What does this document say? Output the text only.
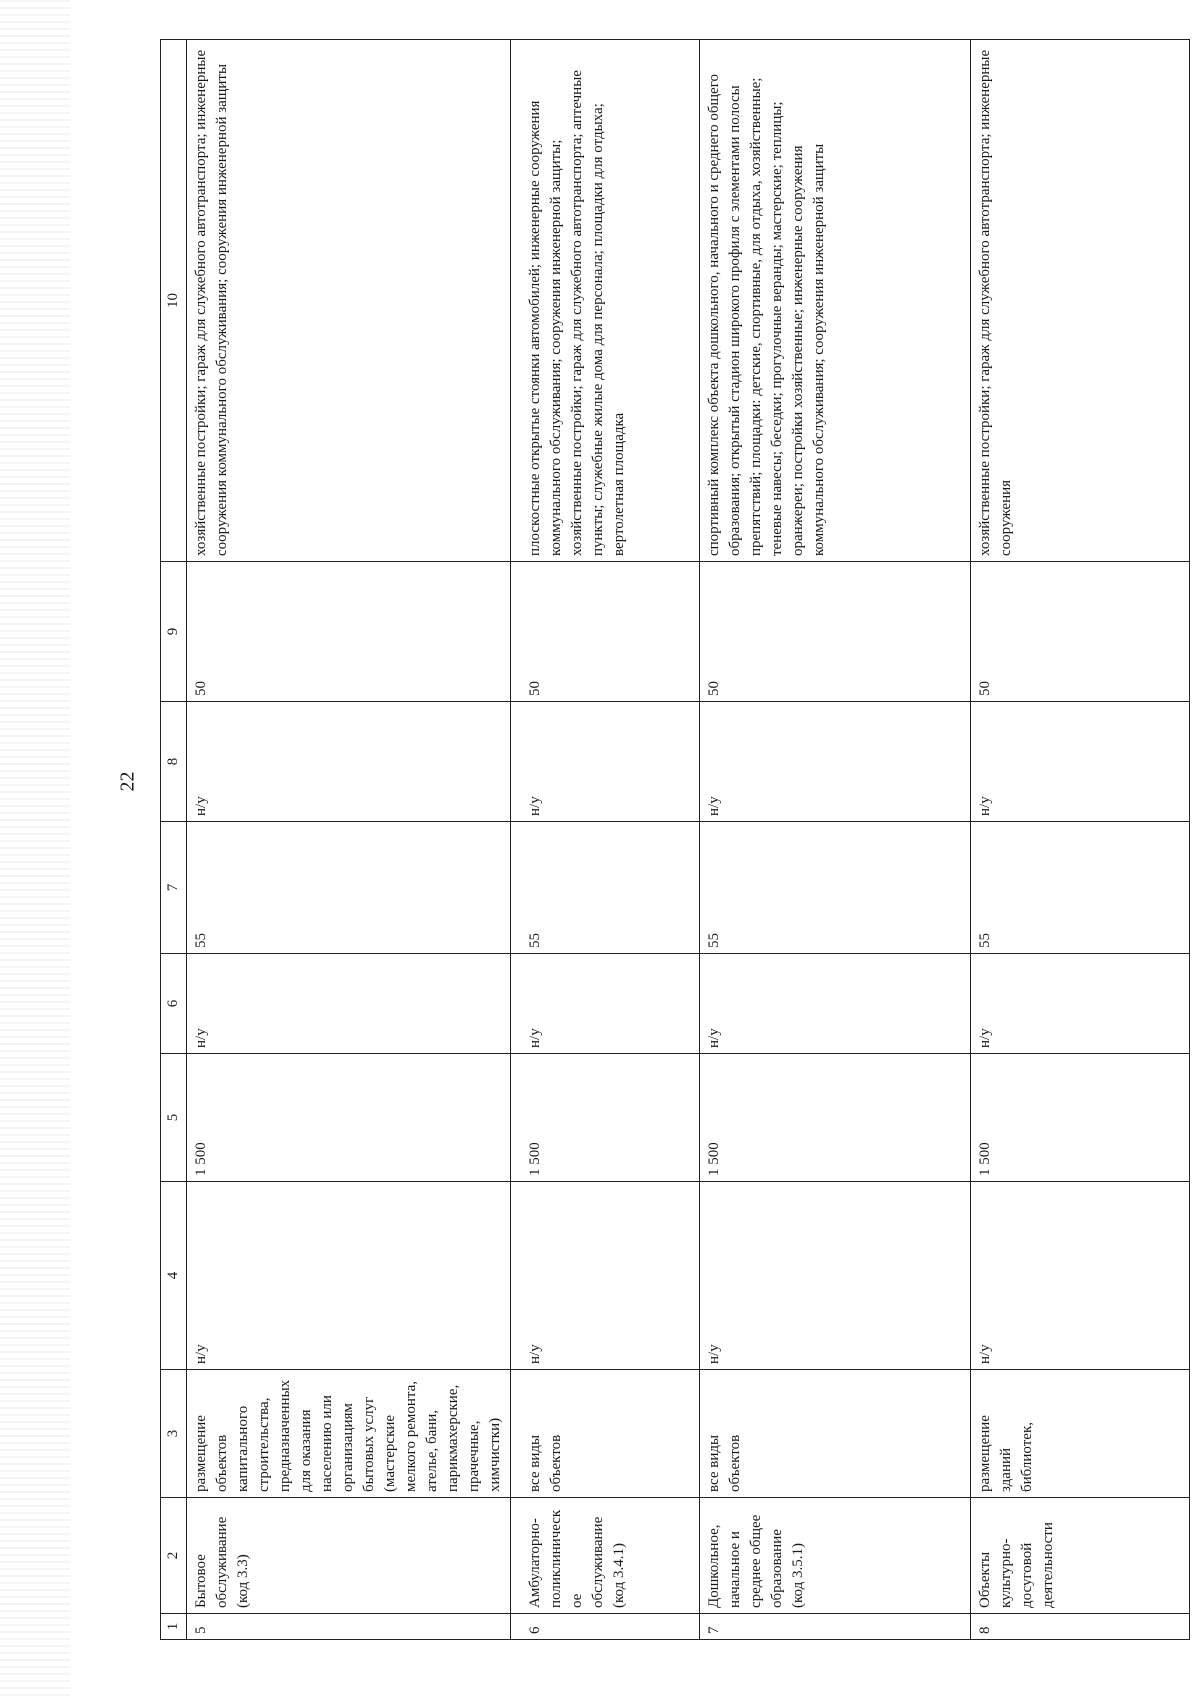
22
1	2	3	4	5	6	7	8	9	10
5	Бытовое обслуживание (код 3.3)	размещение объектов капитального строительства, предназначенных для оказания населению или организациям бытовых услуг (мастерские мелкого ремонта, ателье, бани, парикмахерские, прачечные, химчистки)	н/у	1 500	н/у	55	н/у	50	хозяйственные постройки; гараж для служебного автотранспорта; инженерные сооружения коммунального обслуживания; сооружения инженерной защиты
6	Амбулаторно-поликлиническое обслуживание (код 3.4.1)	все виды объектов	н/у	1 500	н/у	55	н/у	50	плоскостные открытые стоянки автомобилей; инженерные сооружения коммунального обслуживания; сооружения инженерной защиты; хозяйственные постройки; гараж для служебного автотранспорта; аптечные пункты; служебные жилые дома для персонала; площадки для отдыха; вертолетная площадка
7	Дошкольное, начальное и среднее общее образование (код 3.5.1)	все виды объектов	н/у	1 500	н/у	55	н/у	50	спортивный комплекс объекта дошкольного, начального и среднего общего образования; открытый стадион широкого профиля с элементами полосы препятствий; площадки: детские, спортивные, для отдыха, хозяйственные; теневые навесы; беседки; прогулочные веранды; мастерские; теплицы; оранжереи; постройки хозяйственные; инженерные сооружения коммунального обслуживания; сооружения инженерной защиты
8	Объекты культурно-досуговой деятельности	размещение зданий библиотек,	н/у	1 500	н/у	55	н/у	50	хозяйственные постройки; гараж для служебного автотранспорта; инженерные сооружения
